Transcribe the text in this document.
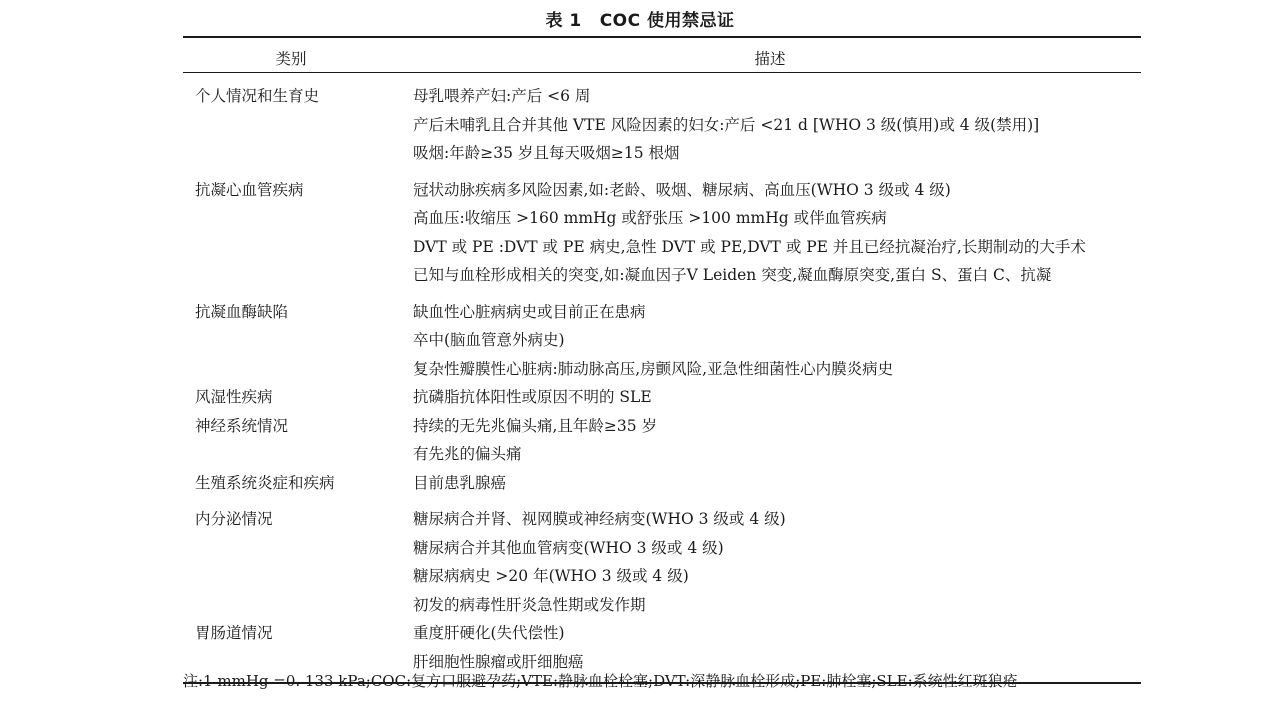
表 1 COC 使用禁忌证
类别	描述
个人情况和生育史	母乳喂养产妇:产后 <6 周
产后未哺乳且合并其他 VTE 风险因素的妇女:产后 <21 d [WHO 3 级(慎用)或 4 级(禁用)]
吸烟:年龄≥35 岁且每天吸烟≥15 根烟
抗凝心血管疾病	冠状动脉疾病多风险因素,如:老龄、吸烟、糖尿病、高血压(WHO 3 级或 4 级)
高血压:收缩压 >160 mmHg 或舒张压 >100 mmHg 或伴血管疾病
DVT 或 PE :DVT 或 PE 病史,急性 DVT 或 PE,DVT 或 PE 并且已经抗凝治疗,长期制动的大手术
已知与血栓形成相关的突变,如:凝血因子Ⅴ Leiden 突变,凝血酶原突变,蛋白 S、蛋白 C、抗凝
抗凝血酶缺陷	缺血性心脏病病史或目前正在患病
卒中(脑血管意外病史)
复杂性瓣膜性心脏病:肺动脉高压,房颤风险,亚急性细菌性心内膜炎病史
风湿性疾病	抗磷脂抗体阳性或原因不明的 SLE
神经系统情况	持续的无先兆偏头痛,且年龄≥35 岁
有先兆的偏头痛
生殖系统炎症和疾病	目前患乳腺癌
内分泌情况	糖尿病合并肾、视网膜或神经病变(WHO 3 级或 4 级)
糖尿病合并其他血管病变(WHO 3 级或 4 级)
糖尿病病史 >20 年(WHO 3 级或 4 级)
初发的病毒性肝炎急性期或发作期
胃肠道情况	重度肝硬化(失代偿性)
肝细胞性腺瘤或肝细胞癌
注:1 mmHg =0. 133 kPa;COC:复方口服避孕药;VTE:静脉血栓栓塞;DVT:深静脉血栓形成;PE:肺栓塞;SLE:系统性红斑狼疮
